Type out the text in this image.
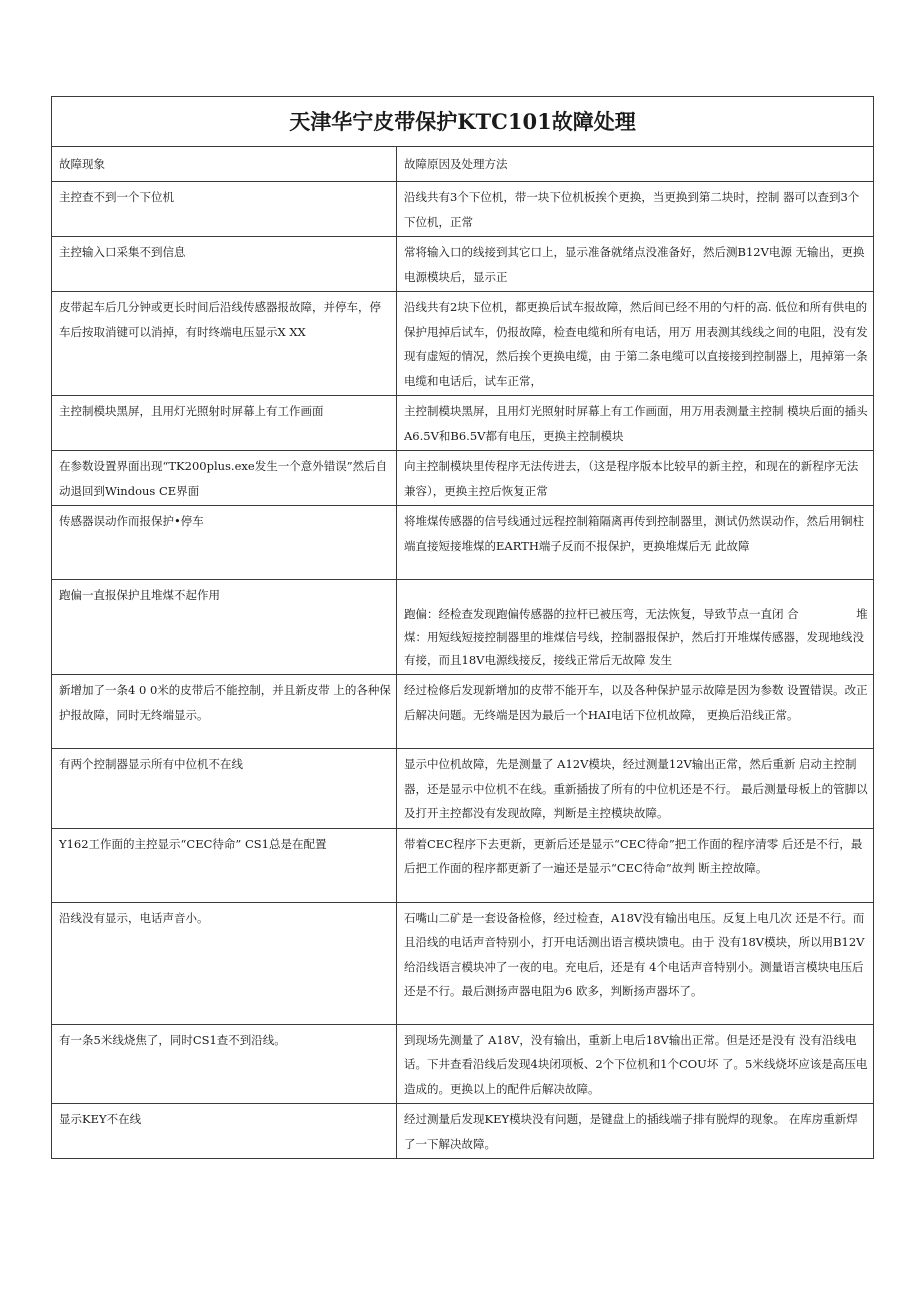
天津华宁皮带保护KTC101故障处理	
故障现象	故障原因及处理方法
主控查不到一个下位机	沿线共有3个下位机，带一块下位机板挨个更换，当更换到第二块时，控制 器可以查到3个下位机，正常
主控输入口采集不到信息	常将输入口的线接到其它口上，显示准备就绪点没准备好，然后测B12V电源 无输出，更换电源模块后，显示正
皮带起车后几分钟或更长时间后沿线传感器报故障，并停车，停车后按取消键可以消掉，有时终端电压显示X XX	沿线共有2块下位机，都更换后试车报故障，然后间已经不用的勺杆的高. 低位和所有供电的保护甩掉后试车，仍报故障，检查电缆和所有电话，用万 用表测其线线之间的电阻，没有发现有虚短的情况，然后挨个更换电缆，由 于第二条电缆可以直接接到控制器上，甩掉第一条电缆和电话后，试车正常，
主控制模块黑屏，且用灯光照射时屏幕上有工作画面	主控制模块黑屏，且用灯光照射时屏幕上有工作画面，用万用表测量主控制 模块后面的插头A6.5V和B6.5V都有电压，更换主控制模块
在参数设置界面出现“TK200plus.exe发生一个意外错误”然后自动退回到Windous CE界面	向主控制模块里传程序无法传进去，（这是程序版本比较早的新主控，和现在的新程序无法兼容），更换主控后恢复正常
传感器误动作而报保护•停车	将堆煤传感器的信号线通过远程控制箱隔离再传到控制器里，测试仍然误动作，然后用铜柱端直接短接堆煤的EARTH端子反而不报保护，更换堆煤后无 此故障
跑偏一直报保护且堆煤不起作用	跑偏：经检查发现跑偏传感器的拉杆已被压弯，无法恢复，导致节点一直闭 合　　　　　堆煤：用短线短接控制器里的堆煤信号线，控制器报保护，然后打开堆煤传感器，发现地线没有接，而且18V电源线接反，接线正常后无故障 发生

新增加了一条4 0 0米的皮带后不能控制，并且新皮带 上的各种保护报故障，同时无终端显示。	经过检修后发现新增加的皮带不能开车，以及各种保护显示故障是因为参数 设置错误。改正后解决问题。无终端是因为最后一个HAI电话下位机故障， 更换后沿线正常。
有两个控制器显示所有中位机不在线	显示中位机故障，先是测量了 A12V模块，经过测量12V输出正常，然后重新 启动主控制器，还是显示中位机不在线。重新插拔了所有的中位机还是不行。 最后测量母板上的管脚以及打开主控都没有发现故障，判断是主控模块故障。
Y162工作面的主控显示“CEC待命” CS1总是在配置	带着CEC程序下去更新，更新后还是显示“CEC待命”把工作面的程序清零 后还是不行，最后把工作面的程序都更新了一遍还是显示“CEC待命”故判 断主控故障。
沿线没有显示，电话声音小。	石嘴山二矿是一套设备检修，经过检查，A18V没有输出电压。反复上电几次 还是不行。而且沿线的电话声音特别小，打开电话测出语言模块馈电。由于 没有18V模块，所以用B12V给沿线语言模块冲了一夜的电。充电后，还是有 4个电话声音特别小。测量语言模块电压后还是不行。最后测扬声器电阻为6 欧多，判断扬声器坏了。
有一条5米线烧焦了，同时CS1查不到沿线。	到现场先测量了 A18V，没有输出，重新上电后18V输出正常。但是还是没有 没有沿线电话。下井查看沿线后发现4块闭项板、2个下位机和1个COU坏 了。5米线烧坏应该是高压电造成的。更换以上的配件后解决故障。
显示KEY不在线	经过测量后发现KEY模块没有问题，是键盘上的插线端子排有脱焊的现象。 在库房重新焊了一下解决故障。
